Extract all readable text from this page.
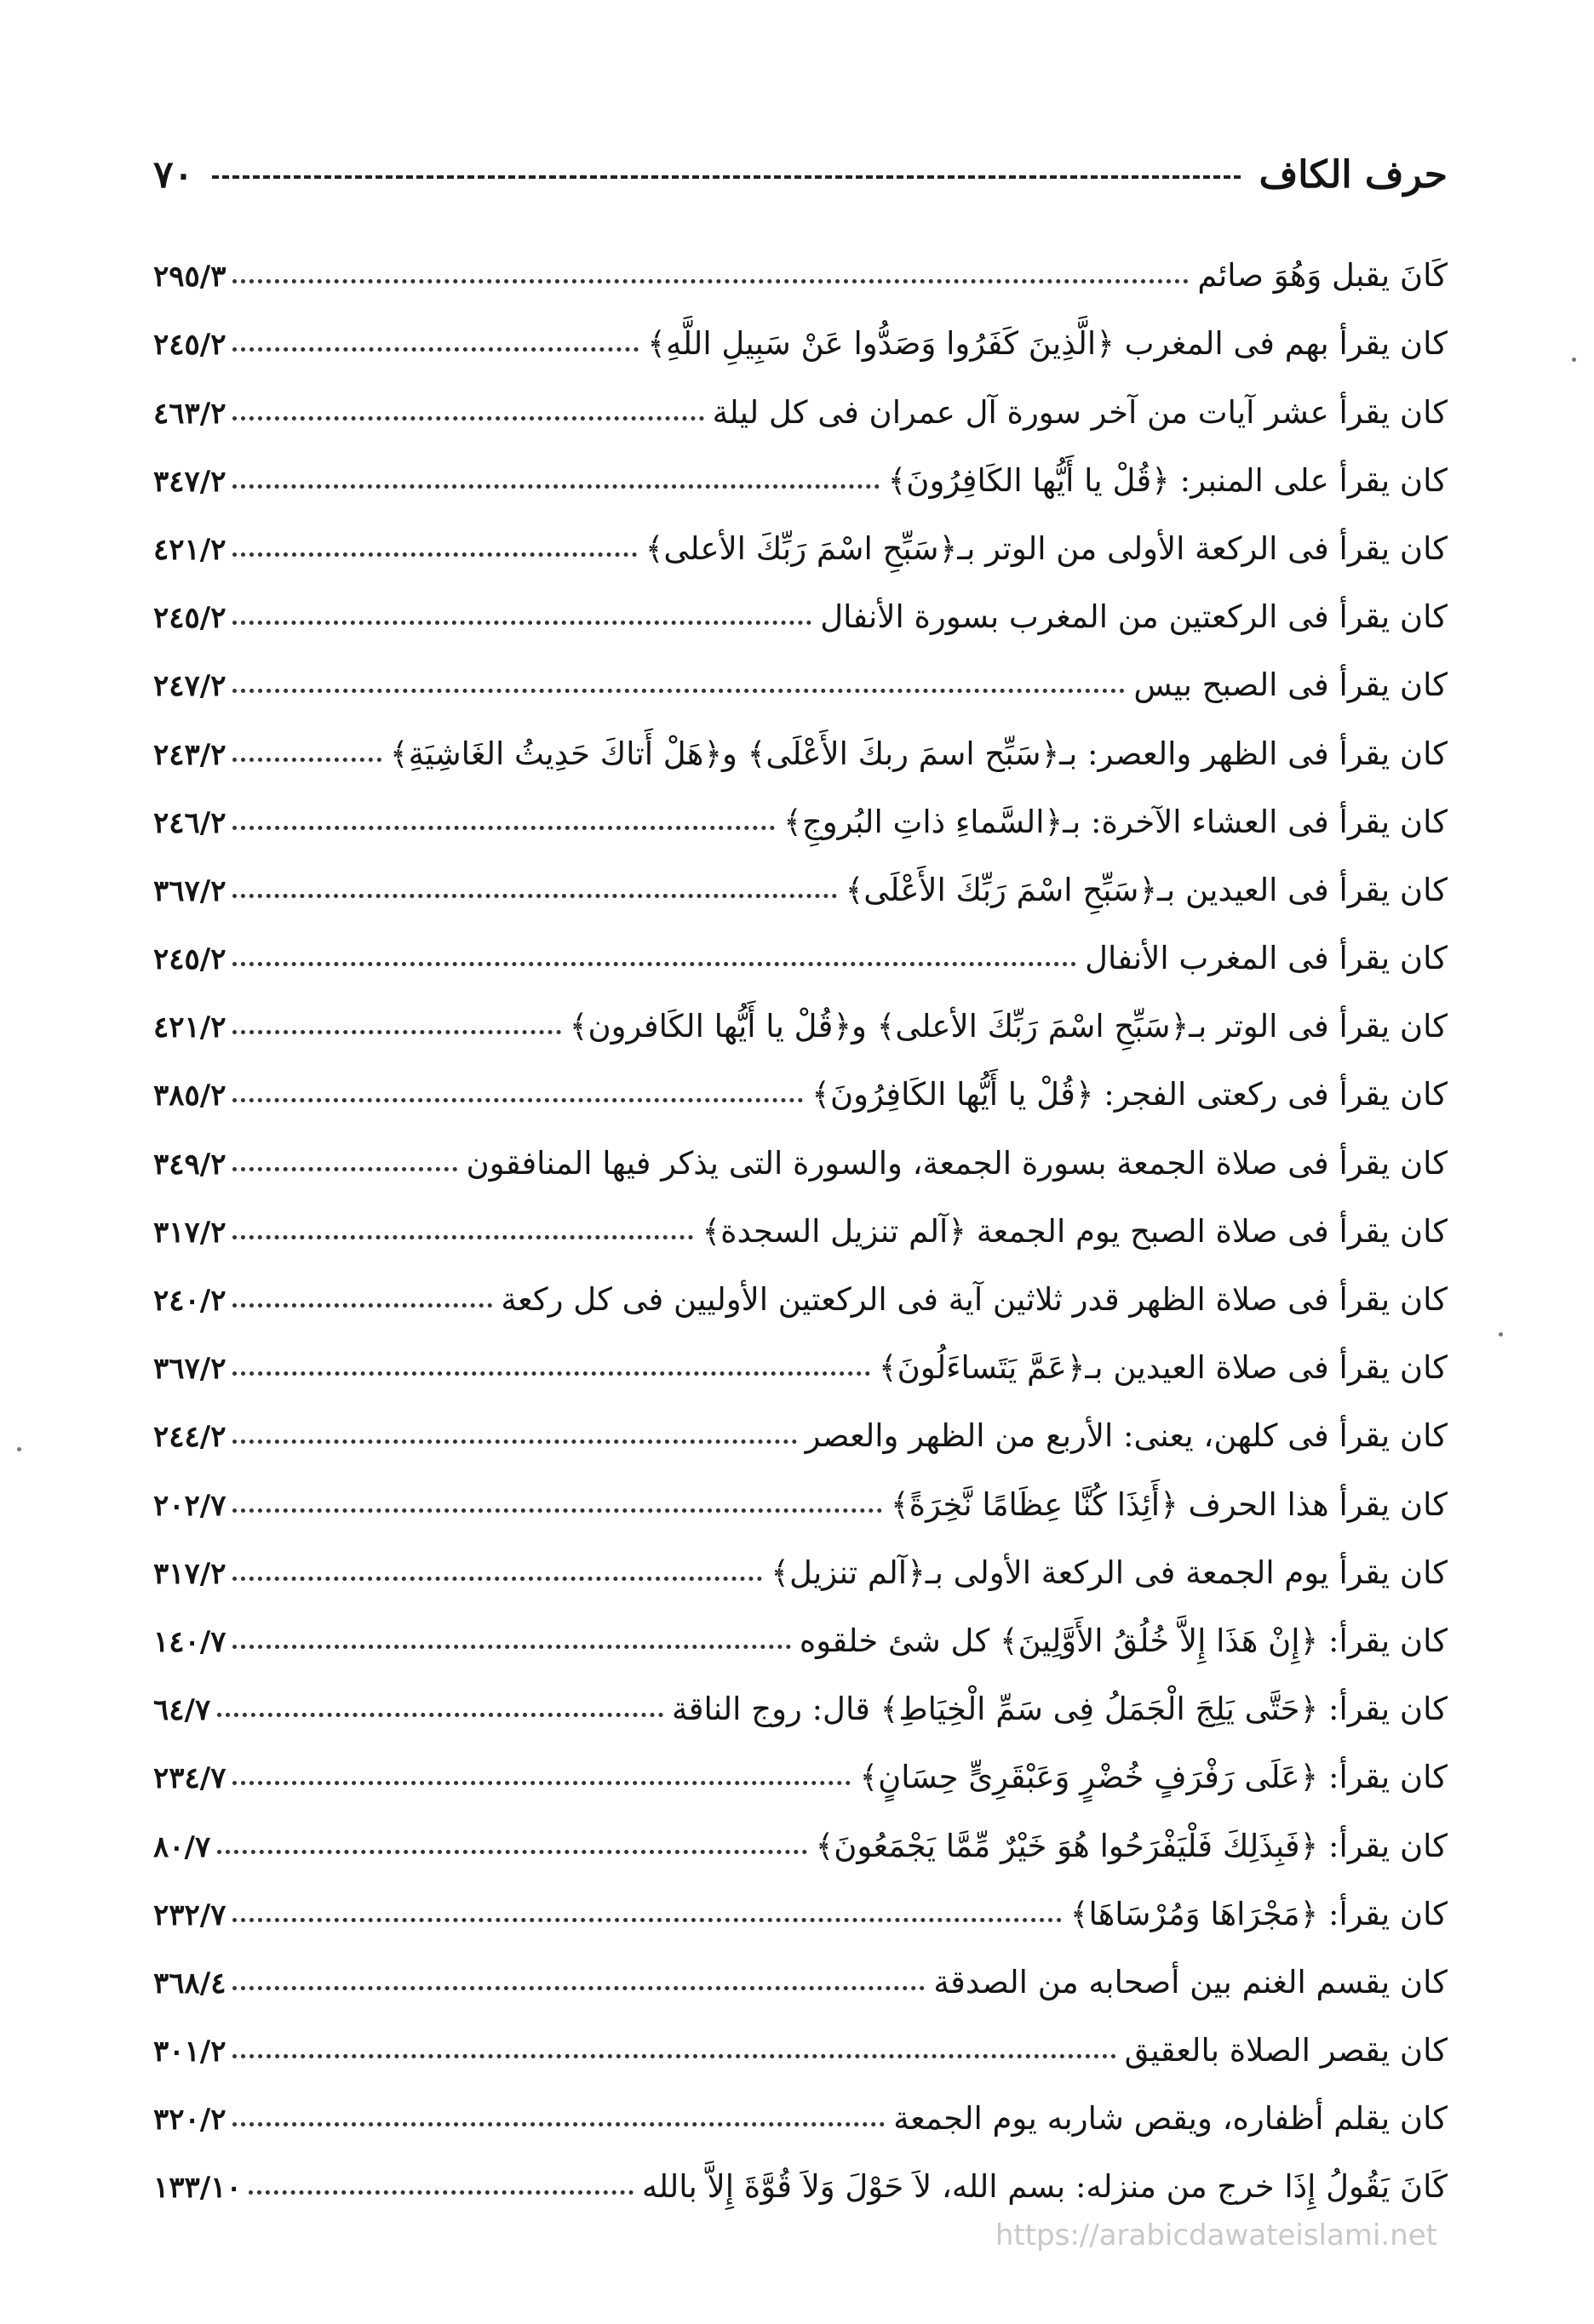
حرف الكاف
٧٠
كَانَ يقبل وَهُوَ صائم
٢٩٥/٣
كان يقرأ بهم فى المغرب ﴿الَّذِينَ كَفَرُوا وَصَدُّوا عَنْ سَبِيلِ اللَّهِ﴾
٢٤٥/٢
كان يقرأ عشر آيات من آخر سورة آل عمران فى كل ليلة
٤٦٣/٢
كان يقرأ على المنبر: ﴿قُلْ يا أَيُّها الكَافِرُونَ﴾
٣٤٧/٢
كان يقرأ فى الركعة الأولى من الوتر بـ﴿سَبِّحِ اسْمَ رَبِّكَ الأعلى﴾
٤٢١/٢
كان يقرأ فى الركعتين من المغرب بسورة الأنفال
٢٤٥/٢
كان يقرأ فى الصبح بيس
٢٤٧/٢
كان يقرأ فى الظهر والعصر: بـ﴿سَبِّح اسمَ ربكَ الأَعْلَى﴾ و﴿هَلْ أَتاكَ حَدِيثُ الغَاشِيَةِ﴾
٢٤٣/٢
كان يقرأ فى العشاء الآخرة: بـ﴿السَّماءِ ذاتِ البُروجِ﴾
٢٤٦/٢
كان يقرأ فى العيدين بـ﴿سَبِّحِ اسْمَ رَبِّكَ الأَعْلَى﴾
٣٦٧/٢
كان يقرأ فى المغرب الأنفال
٢٤٥/٢
كان يقرأ فى الوتر بـ﴿سَبِّحِ اسْمَ رَبِّكَ الأعلى﴾ و﴿قُلْ يا أَيُّها الكَافرون﴾
٤٢١/٢
كان يقرأ فى ركعتى الفجر: ﴿قُلْ يا أَيُّها الكَافِرُونَ﴾
٣٨٥/٢
كان يقرأ فى صلاة الجمعة بسورة الجمعة، والسورة التى يذكر فيها المنافقون
٣٤٩/٢
كان يقرأ فى صلاة الصبح يوم الجمعة ﴿آلم تنزيل السجدة﴾
٣١٧/٢
كان يقرأ فى صلاة الظهر قدر ثلاثين آية فى الركعتين الأوليين فى كل ركعة
٢٤٠/٢
كان يقرأ فى صلاة العيدين بـ﴿عَمَّ يَتَساءَلُونَ﴾
٣٦٧/٢
كان يقرأ فى كلهن، يعنى: الأربع من الظهر والعصر
٢٤٤/٢
كان يقرأ هذا الحرف ﴿أَئِذَا كُنَّا عِظَامًا نَّخِرَةً﴾
٢٠٢/٧
كان يقرأ يوم الجمعة فى الركعة الأولى بـ﴿آلم تنزيل﴾
٣١٧/٢
كان يقرأ: ﴿إِنْ هَذَا إِلاَّ خُلُقُ الأَوَّلِينَ﴾ كل شئ خلقوه
١٤٠/٧
كان يقرأ: ﴿حَتَّى يَلِجَ الْجَمَلُ فِى سَمِّ الْخِيَاطِ﴾ قال: روج الناقة
٦٤/٧
كان يقرأ: ﴿عَلَى رَفْرَفٍ خُضْرٍ وَعَبْقَرِىٍّ حِسَانٍ﴾
٢٣٤/٧
كان يقرأ: ﴿فَبِذَلِكَ فَلْيَفْرَحُوا هُوَ خَيْرٌ مِّمَّا يَجْمَعُونَ﴾
٨٠/٧
كان يقرأ: ﴿مَجْرَاهَا وَمُرْسَاهَا﴾
٢٣٢/٧
كان يقسم الغنم بين أصحابه من الصدقة
٣٦٨/٤
كان يقصر الصلاة بالعقيق
٣٠١/٢
كان يقلم أظفاره، ويقص شاربه يوم الجمعة
٣٢٠/٢
كَانَ يَقُولُ إِذَا خرج من منزله: بسم الله، لاَ حَوْلَ وَلاَ قُوَّةَ إِلاَّ بالله
١٣٣/١٠
https://arabicdawateislami.net
